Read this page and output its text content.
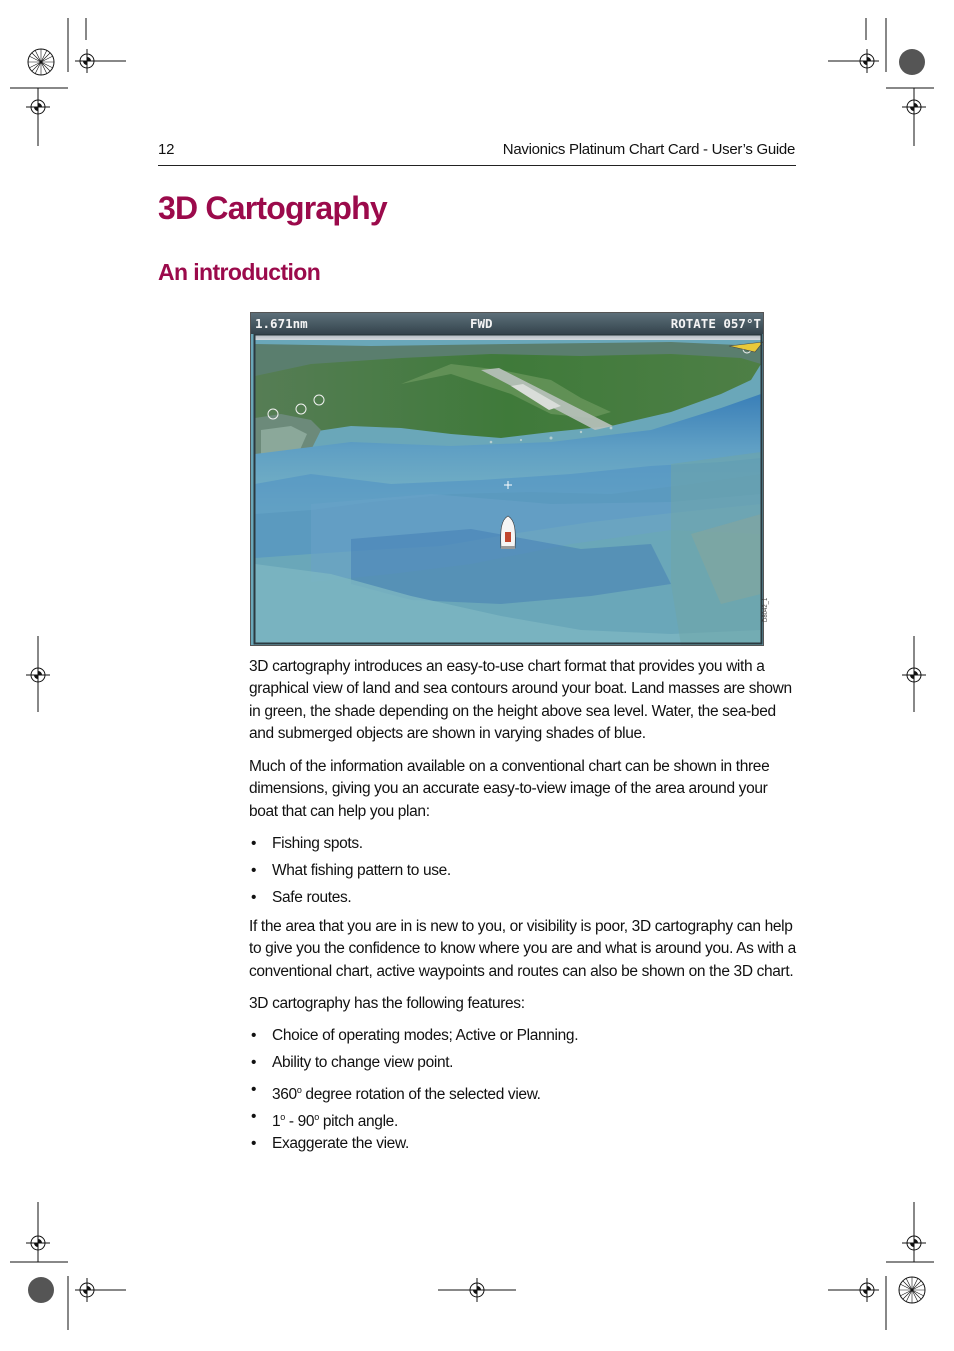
12	Navionics Platinum Chart Card - User’s Guide
3D Cartography
An introduction
1.671nm	FWD	ROTATE 057°T
D8042_1

3D cartography introduces an easy-to-use chart format that provides you with a graphical view of land and sea contours around your boat. Land masses are shown in green, the shade depending on the height above sea level. Water, the sea-bed and submerged objects are shown in varying shades of blue.

Much of the information available on a conventional chart can be shown in three dimensions, giving you an accurate easy-to-view image of the area around your boat that can help you plan:

• Fishing spots.
• What fishing pattern to use.
• Safe routes.

If the area that you are in is new to you, or visibility is poor, 3D cartography can help to give you the confidence to know where you are and what is around you. As with a conventional chart, active waypoints and routes can also be shown on the 3D chart.

3D cartography has the following features:

• Choice of operating modes; Active or Planning.
• Ability to change view point.
• 360$^o$ degree rotation of the selected view.
• 1$^o$ - 90$^o$ pitch angle.
• Exaggerate the view.
